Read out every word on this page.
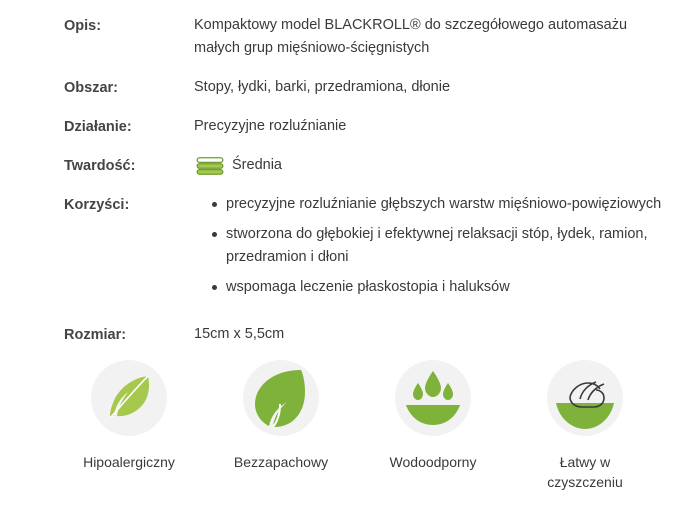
Opis:	Kompaktowy model BLACKROLL® do szczegółowego automasażu małych grup mięśniowo-ścięgnistych
Obszar:	Stopy, łydki, barki, przedramiona, dłonie
Działanie:	Precyzyjne rozluźnianie
Twardość:	Średnia
Korzyści:	precyzyjne rozluźnianie głębszych warstw mięśniowo-powięziowych
stworzona do głębokiej i efektywnej relaksacji stóp, łydek, ramion, przedramion i dłoni
wspomaga leczenie płaskostopia i haluksów
Rozmiar:	15cm x 5,5cm
Hipoalergiczny	Bezzapachowy	Wodoodporny	Łatwy w czyszczeniu
